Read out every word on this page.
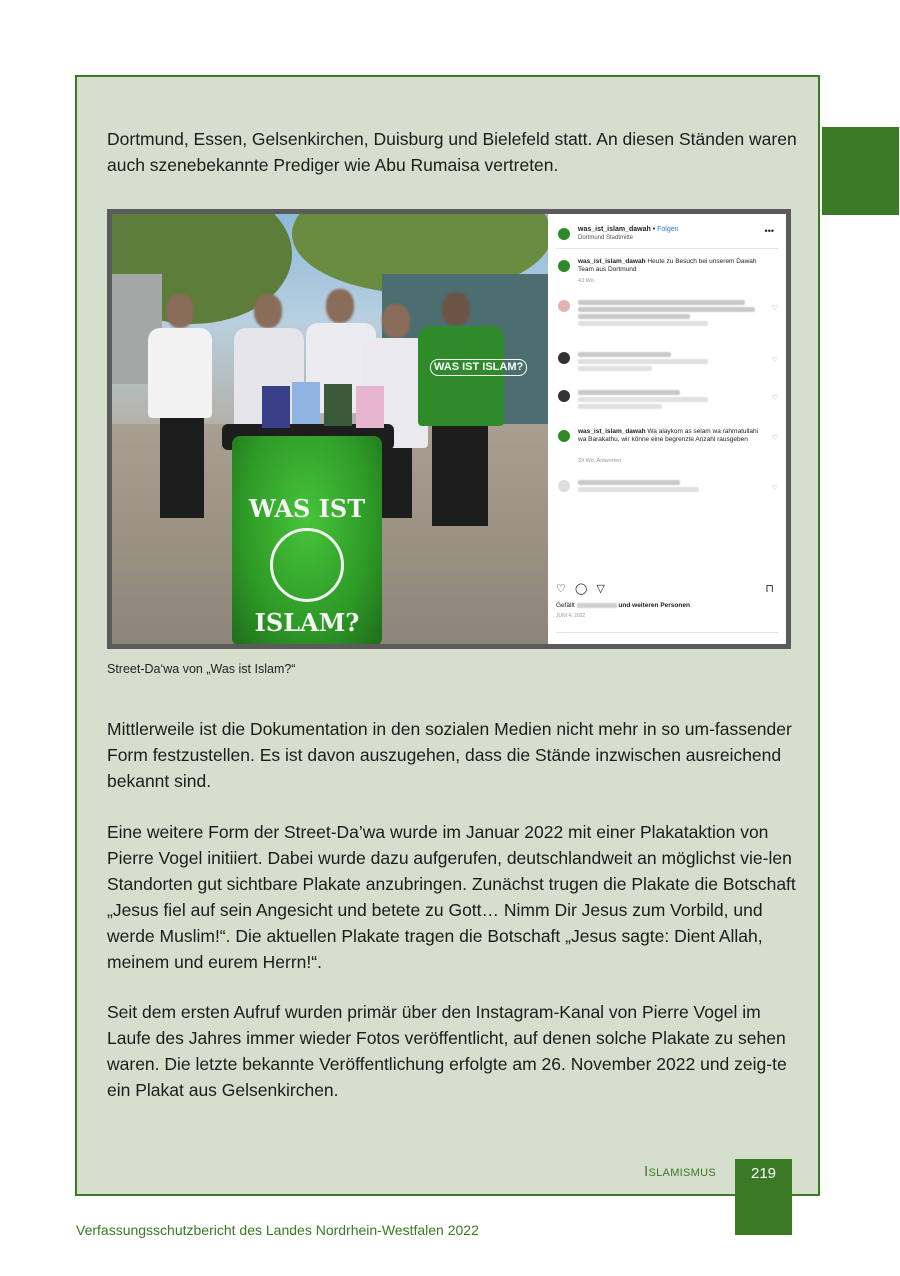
Dortmund, Essen, Gelsenkirchen, Duisburg und Bielefeld statt. An diesen Ständen waren auch szenebekannte Prediger wie Abu Rumaisa vertreten.

WAS IST ISLAM?
WAS IST
ISLAM?
was_ist_islam_dawah • Folgen
Dortmund Stadtmitte
•••
was_ist_islam_dawah Heute zu Besuch bei unserem Dawah Team aus Dortmund
43 Wo.
♡
♡
♡
was_ist_islam_dawah Wa alaykom as selam wa rahmatullahi wa Barakathu, wir könne eine begrenzte Anzahl rausgeben
39 Wo. Antworten
♡
♡
♡ ◯ ▽	⊓
Gefällt	und weiteren Personen
JUNI 4, 2022
Street-Da‘wa von „Was ist Islam?“

Mittlerweile ist die Dokumentation in den sozialen Medien nicht mehr in so um-fassender Form festzustellen. Es ist davon auszugehen, dass die Stände inzwischen ausreichend bekannt sind.

Eine weitere Form der Street-Da’wa wurde im Januar 2022 mit einer Plakataktion von Pierre Vogel initiiert. Dabei wurde dazu aufgerufen, deutschlandweit an möglichst vie-len Standorten gut sichtbare Plakate anzubringen. Zunächst trugen die Plakate die Botschaft „Jesus fiel auf sein Angesicht und betete zu Gott… Nimm Dir Jesus zum Vorbild, und werde Muslim!“. Die aktuellen Plakate tragen die Botschaft „Jesus sagte: Dient Allah, meinem und eurem Herrn!“.

Seit dem ersten Aufruf wurden primär über den Instagram-Kanal von Pierre Vogel im Laufe des Jahres immer wieder Fotos veröffentlicht, auf denen solche Plakate zu sehen waren. Die letzte bekannte Veröffentlichung erfolgte am 26. November 2022 und zeig-te ein Plakat aus Gelsenkirchen.

Islamismus	219
Verfassungsschutzbericht des Landes Nordrhein-Westfalen 2022
